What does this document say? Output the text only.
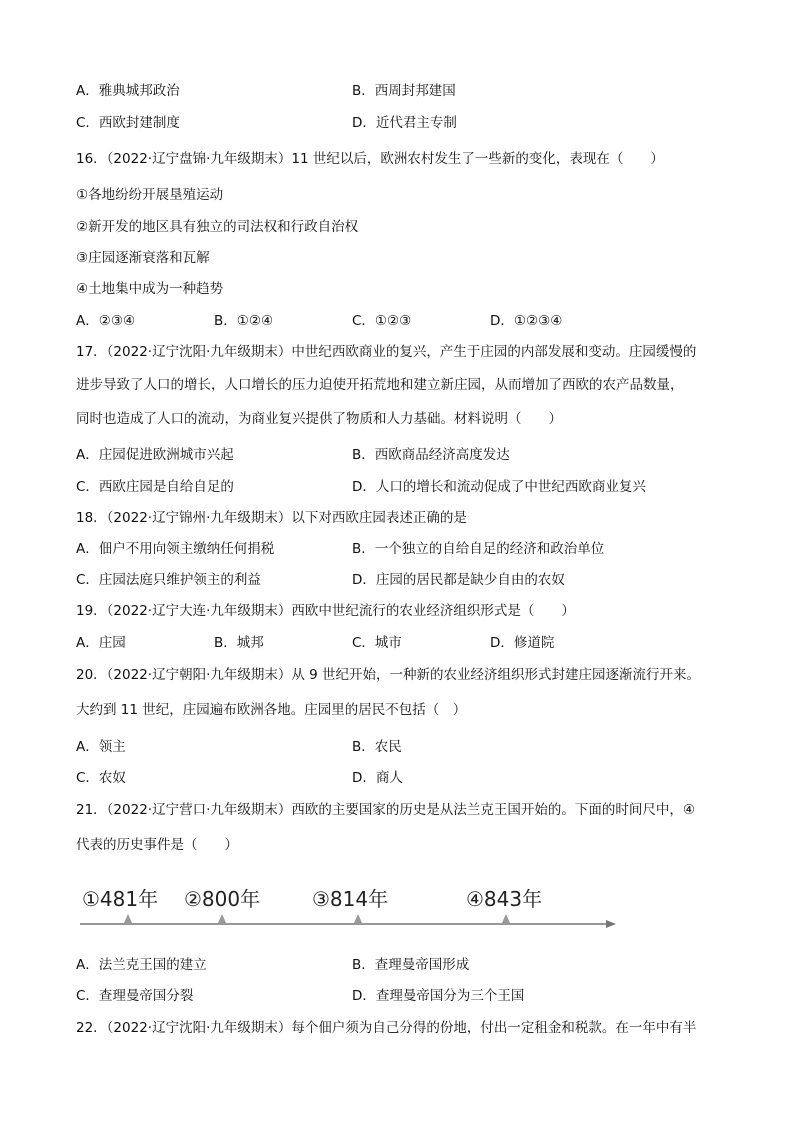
A．雅典城邦政治	B．西周封邦建国
C．西欧封建制度	D．近代君主专制
16．（2022·辽宁盘锦·九年级期末）11 世纪以后，欧洲农村发生了一些新的变化，表现在（　　）
①各地纷纷开展垦殖运动
②新开发的地区具有独立的司法权和行政自治权
③庄园逐渐衰落和瓦解
④土地集中成为一种趋势
A．②③④	B．①②④	C．①②③	D．①②③④
17．（2022·辽宁沈阳·九年级期末）中世纪西欧商业的复兴，产生于庄园的内部发展和变动。庄园缓慢的
进步导致了人口的增长，人口增长的压力迫使开拓荒地和建立新庄园，从而增加了西欧的农产品数量，
同时也造成了人口的流动，为商业复兴提供了物质和人力基础。材料说明（　　）
A．庄园促进欧洲城市兴起	B．西欧商品经济高度发达
C．西欧庄园是自给自足的	D．人口的增长和流动促成了中世纪西欧商业复兴
18．（2022·辽宁锦州·九年级期末）以下对西欧庄园表述正确的是
A．佃户不用向领主缴纳任何捐税	B．一个独立的自给自足的经济和政治单位
C．庄园法庭只维护领主的利益	D．庄园的居民都是缺少自由的农奴
19．（2022·辽宁大连·九年级期末）西欧中世纪流行的农业经济组织形式是（　　）
A．庄园	B．城邦	C．城市	D．修道院
20．（2022·辽宁朝阳·九年级期末）从 9 世纪开始，一种新的农业经济组织形式封建庄园逐渐流行开来。
大约到 11 世纪，庄园遍布欧洲各地。庄园里的居民不包括（　）
A．领主	B．农民
C．农奴	D．商人
21．（2022·辽宁营口·九年级期末）西欧的主要国家的历史是从法兰克王国开始的。下面的时间尺中，④
代表的历史事件是（　　）
①481年 ②800年	③814年	④843年
A．法兰克王国的建立	B．查理曼帝国形成
C．查理曼帝国分裂	D．查理曼帝国分为三个王国
22．（2022·辽宁沈阳·九年级期末）每个佃户须为自己分得的份地，付出一定租金和税款。在一年中有半
